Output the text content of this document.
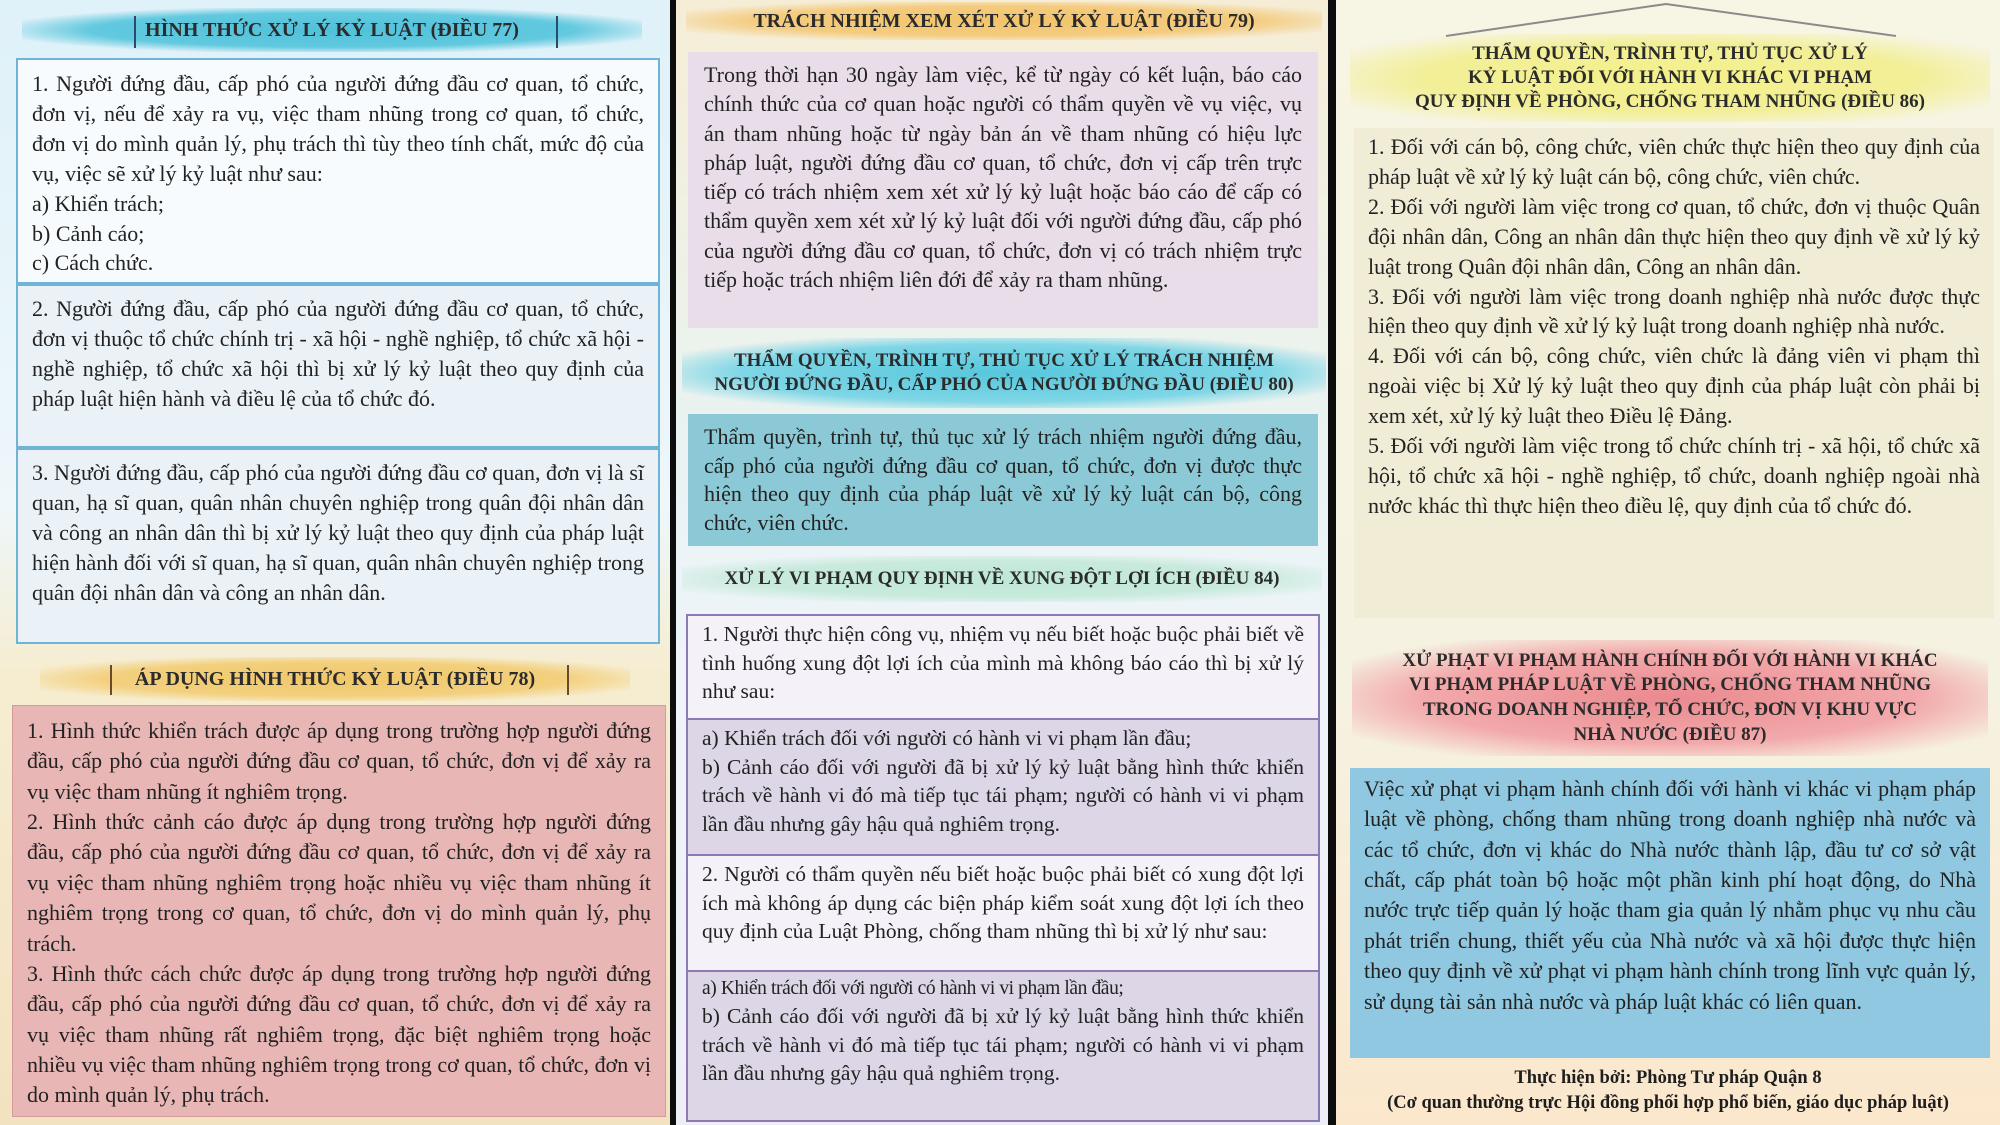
HÌNH THỨC XỬ LÝ KỶ LUẬT (ĐIỀU 77)

1. Người đứng đầu, cấp phó của người đứng đầu cơ quan, tổ chức, đơn vị, nếu để xảy ra vụ, việc tham nhũng trong cơ quan, tổ chức, đơn vị do mình quản lý, phụ trách thì tùy theo tính chất, mức độ của vụ, việc sẽ xử lý kỷ luật như sau:

a) Khiển trách;

b) Cảnh cáo;

c) Cách chức.

2. Người đứng đầu, cấp phó của người đứng đầu cơ quan, tổ chức, đơn vị thuộc tổ chức chính trị - xã hội - nghề nghiệp, tổ chức xã hội - nghề nghiệp, tổ chức xã hội thì bị xử lý kỷ luật theo quy định của pháp luật hiện hành và điều lệ của tổ chức đó.

3. Người đứng đầu, cấp phó của người đứng đầu cơ quan, đơn vị là sĩ quan, hạ sĩ quan, quân nhân chuyên nghiệp trong quân đội nhân dân và công an nhân dân thì bị xử lý kỷ luật theo quy định của pháp luật hiện hành đối với sĩ quan, hạ sĩ quan, quân nhân chuyên nghiệp trong quân đội nhân dân và công an nhân dân.

ÁP DỤNG HÌNH THỨC KỶ LUẬT (ĐIỀU 78)

1. Hình thức khiển trách được áp dụng trong trường hợp người đứng đầu, cấp phó của người đứng đầu cơ quan, tổ chức, đơn vị để xảy ra vụ việc tham nhũng ít nghiêm trọng.

2. Hình thức cảnh cáo được áp dụng trong trường hợp người đứng đầu, cấp phó của người đứng đầu cơ quan, tổ chức, đơn vị để xảy ra vụ việc tham nhũng nghiêm trọng hoặc nhiều vụ việc tham nhũng ít nghiêm trọng trong cơ quan, tổ chức, đơn vị do mình quản lý, phụ trách.

3. Hình thức cách chức được áp dụng trong trường hợp người đứng đầu, cấp phó của người đứng đầu cơ quan, tổ chức, đơn vị để xảy ra vụ việc tham nhũng rất nghiêm trọng, đặc biệt nghiêm trọng hoặc nhiều vụ việc tham nhũng nghiêm trọng trong cơ quan, tổ chức, đơn vị do mình quản lý, phụ trách.

TRÁCH NHIỆM XEM XÉT XỬ LÝ KỶ LUẬT (ĐIỀU 79)

Trong thời hạn 30 ngày làm việc, kể từ ngày có kết luận, báo cáo chính thức của cơ quan hoặc người có thẩm quyền về vụ việc, vụ án tham nhũng hoặc từ ngày bản án về tham nhũng có hiệu lực pháp luật, người đứng đầu cơ quan, tổ chức, đơn vị cấp trên trực tiếp có trách nhiệm xem xét xử lý kỷ luật hoặc báo cáo để cấp có thẩm quyền xem xét xử lý kỷ luật đối với người đứng đầu, cấp phó của người đứng đầu cơ quan, tổ chức, đơn vị có trách nhiệm trực tiếp hoặc trách nhiệm liên đới để xảy ra tham nhũng.

THẨM QUYỀN, TRÌNH TỰ, THỦ TỤC XỬ LÝ TRÁCH NHIỆM
NGƯỜI ĐỨNG ĐẦU, CẤP PHÓ CỦA NGƯỜI ĐỨNG ĐẦU (ĐIỀU 80)

Thẩm quyền, trình tự, thủ tục xử lý trách nhiệm người đứng đầu, cấp phó của người đứng đầu cơ quan, tổ chức, đơn vị được thực hiện theo quy định của pháp luật về xử lý kỷ luật cán bộ, công chức, viên chức.

XỬ LÝ VI PHẠM QUY ĐỊNH VỀ XUNG ĐỘT LỢI ÍCH (ĐIỀU 84)

1. Người thực hiện công vụ, nhiệm vụ nếu biết hoặc buộc phải biết về tình huống xung đột lợi ích của mình mà không báo cáo thì bị xử lý như sau:

a) Khiển trách đối với người có hành vi vi phạm lần đầu;

b) Cảnh cáo đối với người đã bị xử lý kỷ luật bằng hình thức khiển trách về hành vi đó mà tiếp tục tái phạm; người có hành vi vi phạm lần đầu nhưng gây hậu quả nghiêm trọng.

2. Người có thẩm quyền nếu biết hoặc buộc phải biết có xung đột lợi ích mà không áp dụng các biện pháp kiểm soát xung đột lợi ích theo quy định của Luật Phòng, chống tham nhũng thì bị xử lý như sau:

a) Khiển trách đối với người có hành vi vi phạm lần đầu;

b) Cảnh cáo đối với người đã bị xử lý kỷ luật bằng hình thức khiển trách về hành vi đó mà tiếp tục tái phạm; người có hành vi vi phạm lần đầu nhưng gây hậu quả nghiêm trọng.

THẨM QUYỀN, TRÌNH TỰ, THỦ TỤC XỬ LÝ
KỶ LUẬT ĐỐI VỚI HÀNH VI KHÁC VI PHẠM
QUY ĐỊNH VỀ PHÒNG, CHỐNG THAM NHŨNG (ĐIỀU 86)

1. Đối với cán bộ, công chức, viên chức thực hiện theo quy định của pháp luật về xử lý kỷ luật cán bộ, công chức, viên chức.

2. Đối với người làm việc trong cơ quan, tổ chức, đơn vị thuộc Quân đội nhân dân, Công an nhân dân thực hiện theo quy định về xử lý kỷ luật trong Quân đội nhân dân, Công an nhân dân.

3. Đối với người làm việc trong doanh nghiệp nhà nước được thực hiện theo quy định về xử lý kỷ luật trong doanh nghiệp nhà nước.

4. Đối với cán bộ, công chức, viên chức là đảng viên vi phạm thì ngoài việc bị Xử lý kỷ luật theo quy định của pháp luật còn phải bị xem xét, xử lý kỷ luật theo Điều lệ Đảng.

5. Đối với người làm việc trong tổ chức chính trị - xã hội, tổ chức xã hội, tổ chức xã hội - nghề nghiệp, tổ chức, doanh nghiệp ngoài nhà nước khác thì thực hiện theo điều lệ, quy định của tổ chức đó.

XỬ PHẠT VI PHẠM HÀNH CHÍNH ĐỐI VỚI HÀNH VI KHÁC
VI PHẠM PHÁP LUẬT VỀ PHÒNG, CHỐNG THAM NHŨNG
TRONG DOANH NGHIỆP, TỔ CHỨC, ĐƠN VỊ KHU VỰC
NHÀ NƯỚC (ĐIỀU 87)

Việc xử phạt vi phạm hành chính đối với hành vi khác vi phạm pháp luật về phòng, chống tham nhũng trong doanh nghiệp nhà nước và các tổ chức, đơn vị khác do Nhà nước thành lập, đầu tư cơ sở vật chất, cấp phát toàn bộ hoặc một phần kinh phí hoạt động, do Nhà nước trực tiếp quản lý hoặc tham gia quản lý nhằm phục vụ nhu cầu phát triển chung, thiết yếu của Nhà nước và xã hội được thực hiện theo quy định về xử phạt vi phạm hành chính trong lĩnh vực quản lý, sử dụng tài sản nhà nước và pháp luật khác có liên quan.

Thực hiện bởi: Phòng Tư pháp Quận 8
(Cơ quan thường trực Hội đồng phối hợp phổ biến, giáo dục pháp luật)
